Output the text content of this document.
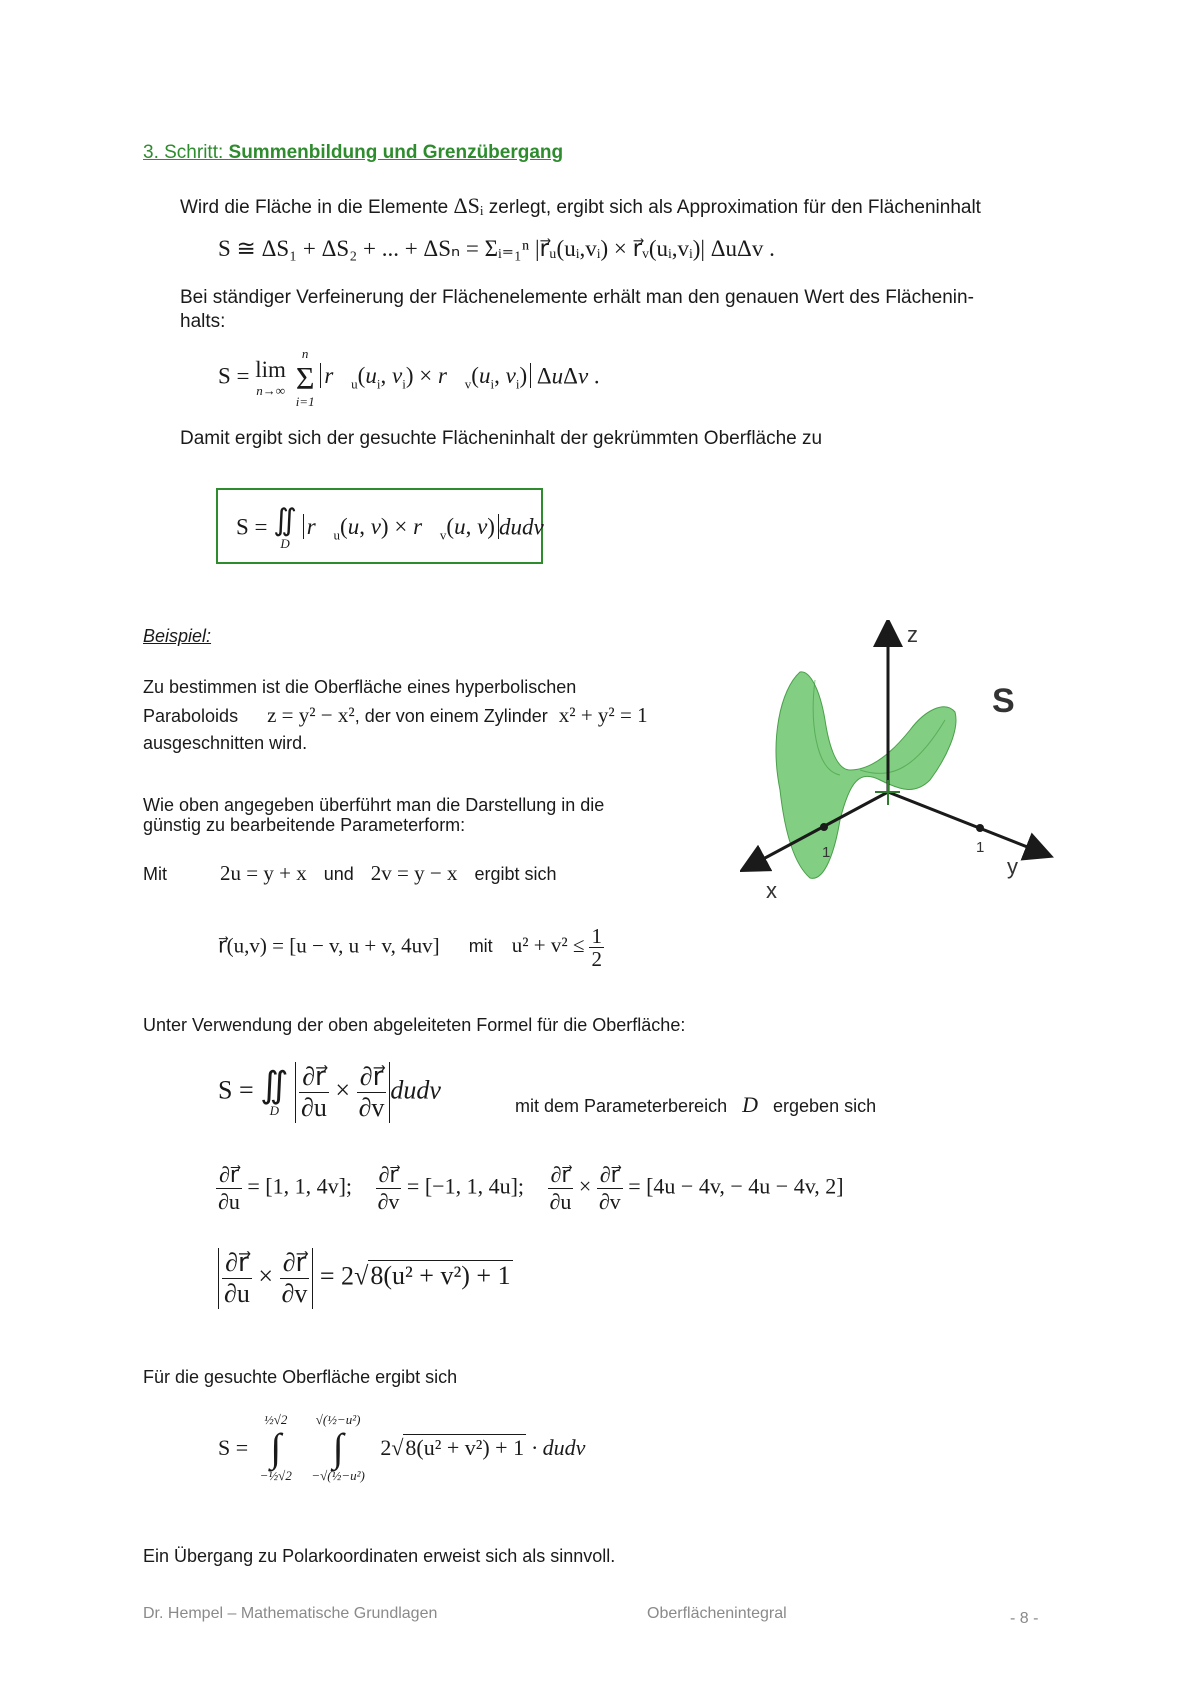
3. Schritt: Summenbildung und Grenzübergang
Wird die Fläche in die Elemente ΔSᵢ zerlegt, ergibt sich als Approximation für den Flächeninhalt
S ≅ ΔS₁ + ΔS₂ + ... + ΔSₙ = Σᵢ₌₁ⁿ |r⃗ᵤ(uᵢ,vᵢ) × r⃗ᵥ(uᵢ,vᵢ)| ΔuΔv .
Bei ständiger Verfeinerung der Flächenelemente erhält man den genauen Wert des Flächenin-
halts:
S = lim
n→∞

n
Σ
i=1
$r⃗_u(u_i$, $v_i$) × $r⃗_v(u_i$, $v_i$) ΔuΔv .
Damit ergibt sich der gesuchte Flächeninhalt der gekrümmten Oberfläche zu
S = ∬
D
$r⃗_u(u$, $v) \times r⃗_v(u$, v) dudv
Beispiel:
Zu bestimmen ist die Oberfläche eines hyperbolischen
Paraboloids z = y² − x², der von einem Zylinder x² + y² = 1
ausgeschnitten wird.
Wie oben angegeben überführt man die Darstellung in die
günstig zu bearbeitende Parameterform:
Mit	2u = y + x und 2v = y − x ergibt sich
r⃗(u,v) = [u − v, u + v, 4uv] mit $u^2 + v^2 \le \frac{1}{2}$
z
x
y
S
1	1
Unter Verwendung der oben abgeleiteten Formel für die Oberfläche:
S = ∬
D
$\frac{\partial r⃗}{\partial u} \times \frac{\partial r⃗}{\partial v}$ dudv
mit dem Parameterbereich D ergeben sich
$\frac{\partial r⃗}{\partial u} = [1$, 1, 4v]; $\frac{\partial r⃗}{\partial v} = [-1$, 1, 4u]; $\frac{\partial r⃗}{\partial u} \times \frac{\partial r⃗}{\partial v} = [4u - 4v$, − 4u − 4v, 2]
$\frac{\partial r⃗}{\partial u} \times \frac{\partial r⃗}{\partial v} = 2√8(u^2 + v^2) + 1$
Für die gesuchte Oberfläche ergibt sich
S =
½√2
∫
−½√2

√(½−u²)
∫
−√(½−u²)
2√8(u² + v²) + 1 · dudv
Ein Übergang zu Polarkoordinaten erweist sich als sinnvoll.
Dr. Hempel – Mathematische Grundlagen	Oberflächenintegral	- 8 -
